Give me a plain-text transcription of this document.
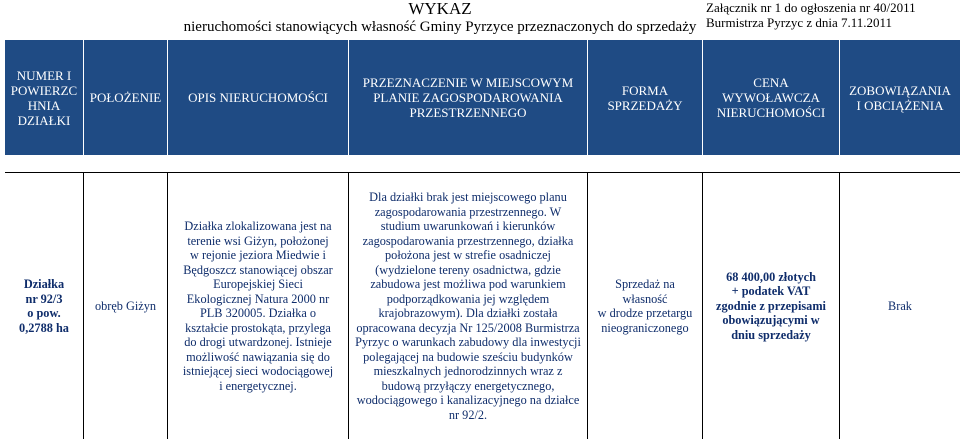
WYKAZ
nieruchomości stanowiących własność Gminy Pyrzyce przeznaczonych do sprzedaży
Załącznik nr 1 do ogłoszenia nr 40/2011
Burmistrza Pyrzyc z dnia 7.11.2011
NUMER I POWIERZC HNIA DZIAŁKI
POŁOŻENIE	OPIS NIERUCHOMOŚCI
PRZEZNACZENIE W MIEJSCOWYM PLANIE ZAGOSPODAROWANIA PRZESTRZENNEGO
FORMA SPRZEDAŻY
CENA WYWOŁAWCZA NIERUCHOMOŚCI
ZOBOWIĄZANIA I OBCIĄŻENIA
Działka
nr 92/3
o pow.
0,2788 ha
obręb Giżyn
Działka zlokalizowana jest na terenie wsi Giżyn, położonej w rejonie jeziora Miedwie i Będgoszcz stanowiącej obszar Europejskiej Sieci Ekologicznej Natura 2000 nr PLB 320005. Działka o kształcie prostokąta, przylega do drogi utwardzonej. Istnieje możliwość nawiązania się do istniejącej sieci wodociągowej i energetycznej.
Dla działki brak jest miejscowego planu zagospodarowania przestrzennego. W studium uwarunkowań i kierunków zagospodarowania przestrzennego, działka położona jest w strefie osadniczej (wydzielone tereny osadnictwa, gdzie zabudowa jest możliwa pod warunkiem podporządkowania jej względem krajobrazowym). Dla działki została opracowana decyzja Nr 125/2008 Burmistrza Pyrzyc o warunkach zabudowy dla inwestycji polegającej na budowie sześciu budynków mieszkalnych jednorodzinnych wraz z budową przyłączy energetycznego, wodociągowego i kanalizacyjnego na działce nr 92/2.
Sprzedaż na
własność
w drodze przetargu
nieograniczonego
68 400,00 złotych
+ podatek VAT
zgodnie z przepisami
obowiązującymi w
dniu sprzedaży
Brak
